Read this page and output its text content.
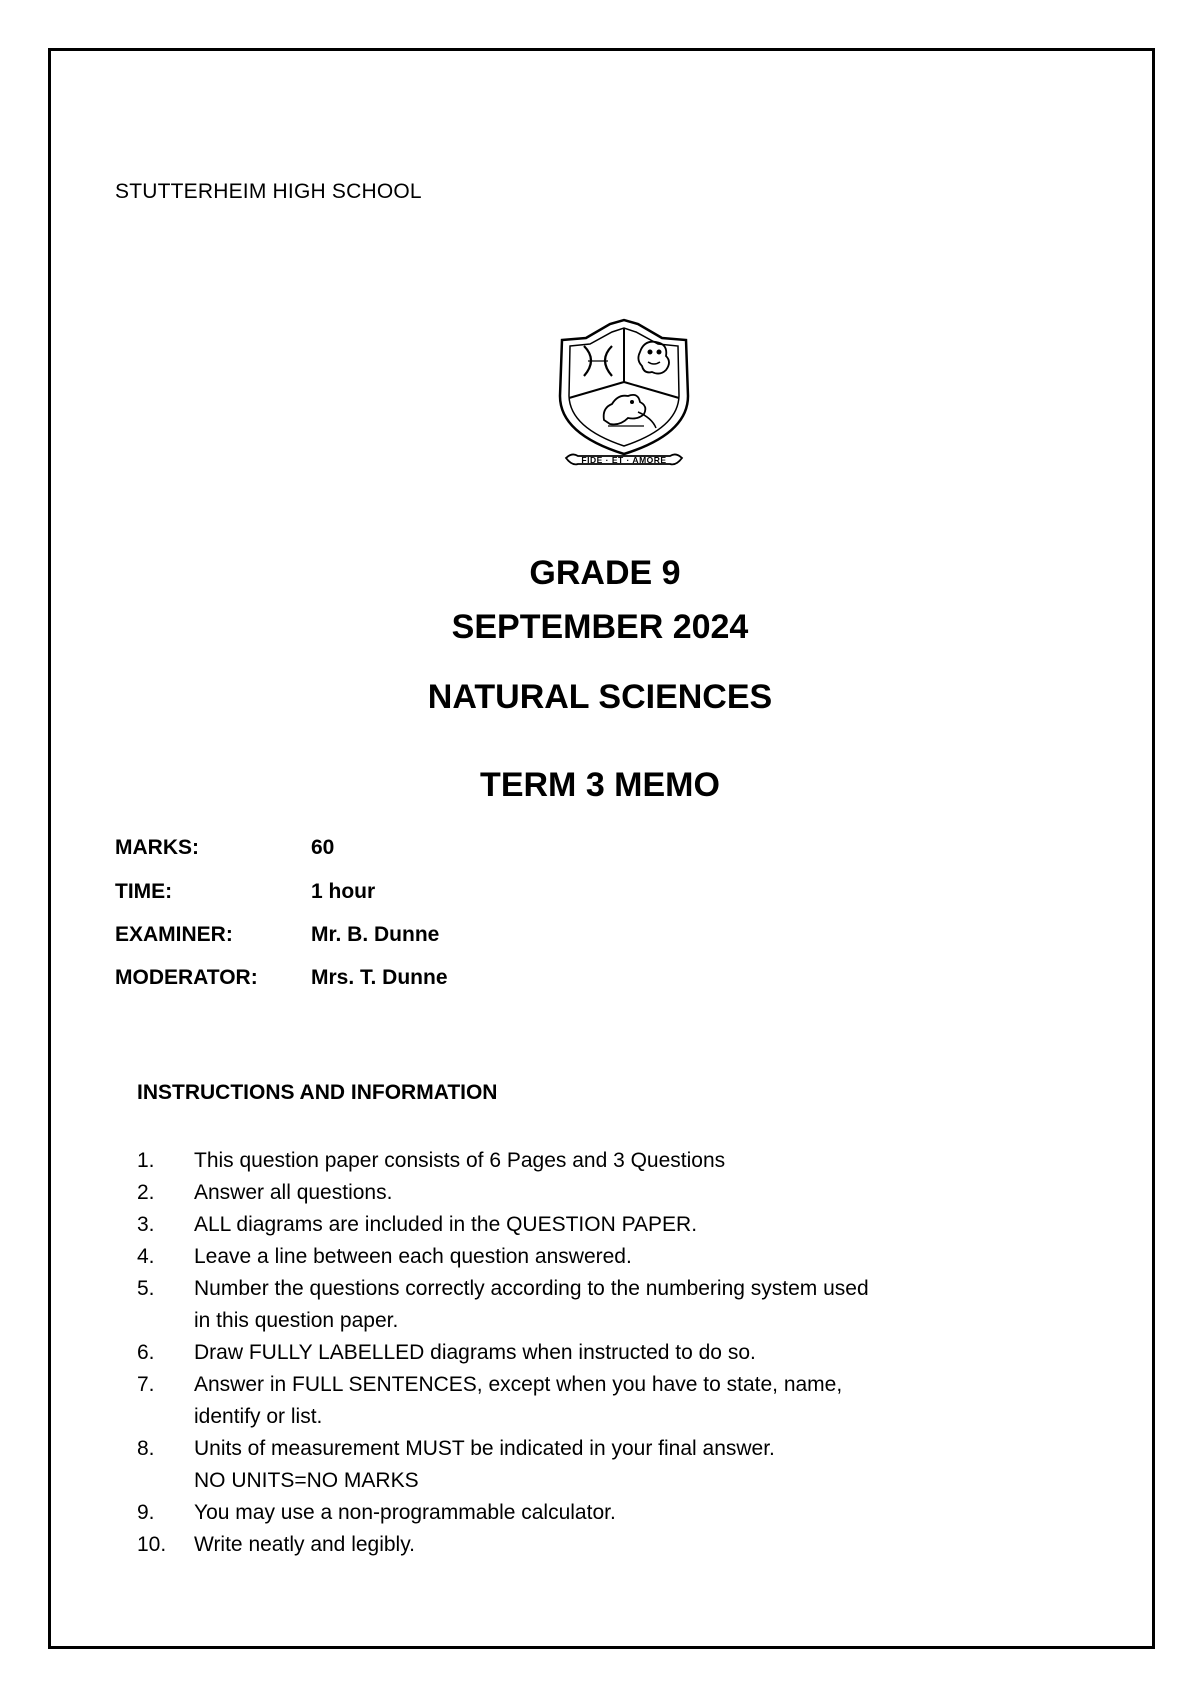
STUTTERHEIM HIGH SCHOOL
FIDE · ET · AMORE
GRADE 9
SEPTEMBER 2024
NATURAL SCIENCES
TERM 3 MEMO
MARKS:	60
TIME:	1 hour
EXAMINER:	Mr. B. Dunne
MODERATOR:	Mrs. T. Dunne
INSTRUCTIONS AND INFORMATION
1.	This question paper consists of 6 Pages and 3 Questions
2.	Answer all questions.
3.	ALL diagrams are included in the QUESTION PAPER.
4.	Leave a line between each question answered.
5.	Number the questions correctly according to the numbering system used
in this question paper.
6.	Draw FULLY LABELLED diagrams when instructed to do so.
7.	Answer in FULL SENTENCES, except when you have to state, name,
identify or list.
8.	Units of measurement MUST be indicated in your final answer.
NO UNITS=NO MARKS
9.	You may use a non-programmable calculator.
10.	Write neatly and legibly.
